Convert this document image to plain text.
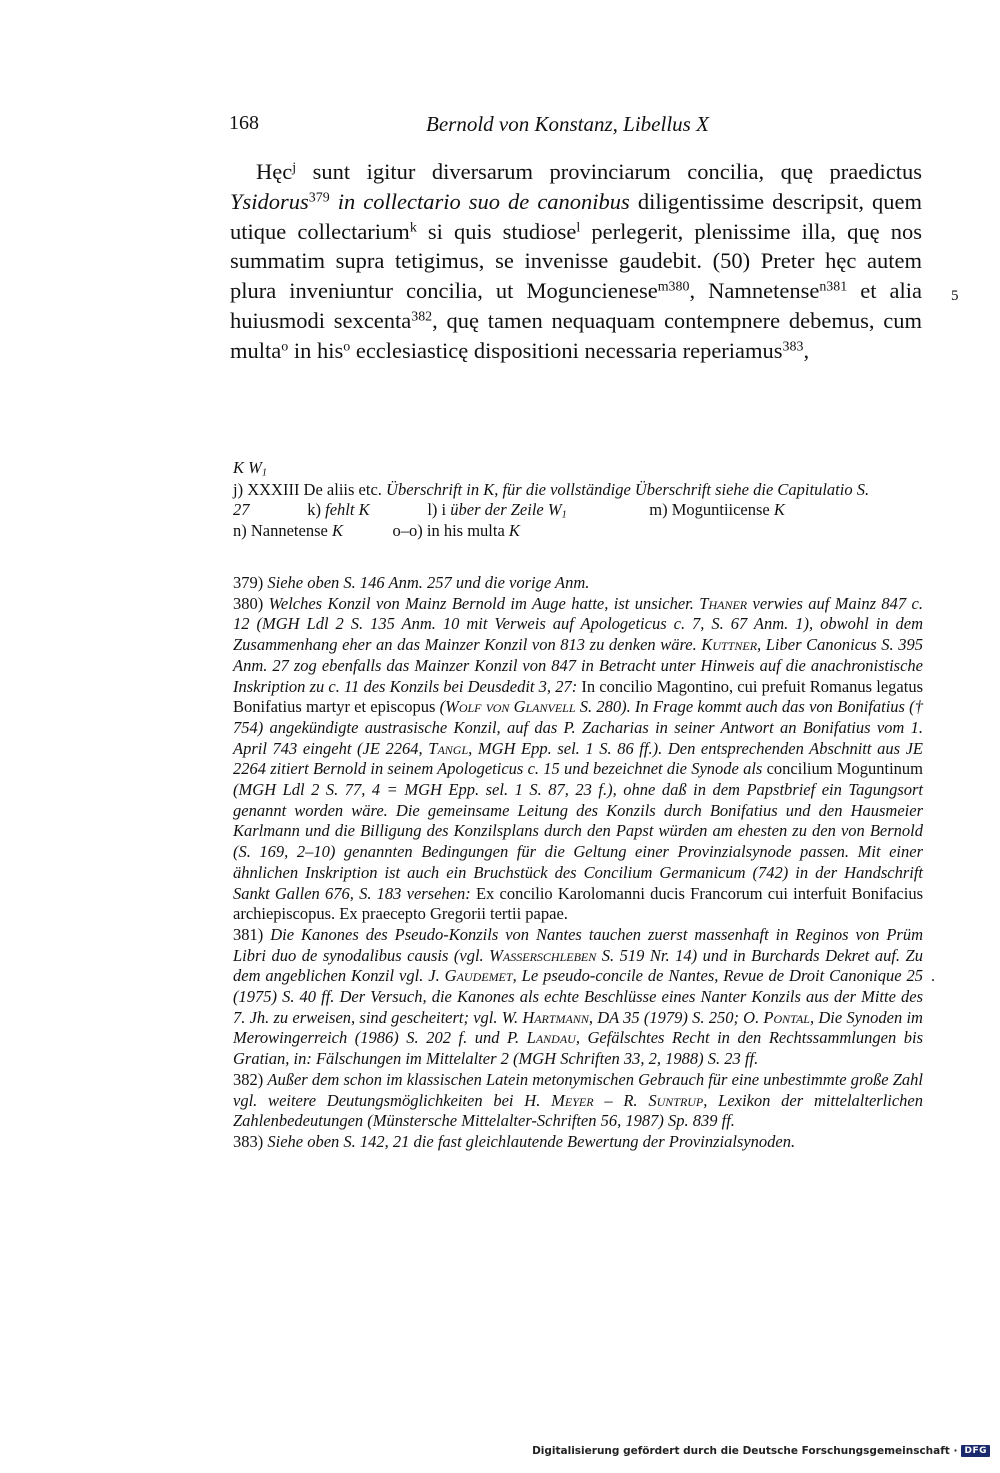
168	Bernold von Konstanz, Libellus X
Hęc$^j$ sunt igitur diversarum provinciarum concilia, quę praedictus Ysidorus$^{379}$ in collectario suo de canonibus diligentissime descripsit, quem utique collectarium$^k$ si quis studiose$^l$ perlegerit, plenissime illa, quę nos summatim supra tetigimus, se invenisse gaudebit. (50) Preter hęc autem plura inveniuntur concilia, ut Moguncienese$^{m380}$, Namnetense$^{n381}$ et alia huiusmodi sexcenta$^{382}$, quę tamen nequaquam contempnere debemus, cum multa$^o$ in his$^o$ ecclesiasticę dispositioni necessaria reperiamus$^{383}$,
5
K $W_1$
j) XXXIII De aliis etc. Überschrift in K, für die vollständige Überschrift siehe die Capitulatio S. 27    	k) fehlt K    	l) i über der Zeile $W_1$     	m) Moguntiicense K
n) Nannetense K   	o–o) in his multa K

379) Siehe oben S. 146 Anm. 257 und die vorige Anm.

380) Welches Konzil von Mainz Bernold im Auge hatte, ist unsicher. Thaner verwies auf Mainz 847 c. 12 (MGH Ldl 2 S. 135 Anm. 10 mit Verweis auf Apologeticus c. 7, S. 67 Anm. 1), obwohl in dem Zusammenhang eher an das Mainzer Konzil von 813 zu denken wäre. Kuttner, Liber Canonicus S. 395 Anm. 27 zog ebenfalls das Mainzer Konzil von 847 in Betracht unter Hinweis auf die anachronistische Inskription zu c. 11 des Konzils bei Deusdedit 3, 27: In concilio Magontino, cui prefuit Romanus legatus Bonifatius martyr et episcopus (Wolf von Glanvell S. 280). In Frage kommt auch das von Bonifatius († 754) angekündigte austrasische Konzil, auf das P. Zacharias in seiner Antwort an Bonifatius vom 1. April 743 eingeht (JE 2264, Tangl, MGH Epp. sel. 1 S. 86 ff.). Den entsprechenden Abschnitt aus JE 2264 zitiert Bernold in seinem Apologeticus c. 15 und bezeichnet die Synode als concilium Moguntinum (MGH Ldl 2 S. 77, 4 = MGH Epp. sel. 1 S. 87, 23 f.), ohne daß in dem Papstbrief ein Tagungsort genannt worden wäre. Die gemeinsame Leitung des Konzils durch Bonifatius und den Hausmeier Karlmann und die Billigung des Konzilsplans durch den Papst würden am ehesten zu den von Bernold (S. 169, 2–10) genannten Bedingungen für die Geltung einer Provinzialsynode passen. Mit einer ähnlichen Inskription ist auch ein Bruchstück des Concilium Germanicum (742) in der Handschrift Sankt Gallen 676, S. 183 versehen: Ex concilio Karolomanni ducis Francorum cui interfuit Bonifacius archiepiscopus. Ex praecepto Gregorii tertii papae.

381) Die Kanones des Pseudo-Konzils von Nantes tauchen zuerst massenhaft in Reginos von Prüm Libri duo de synodalibus causis (vgl. Wasserschleben S. 519 Nr. 14) und in Burchards Dekret auf. Zu dem angeblichen Konzil vgl. J. Gaudemet, Le pseudo-concile de Nantes, Revue de Droit Canonique 25 (1975) S. 40 ff. Der Versuch, die Kanones als echte Beschlüsse eines Nanter Konzils aus der Mitte des 7. Jh. zu erweisen, sind gescheitert; vgl. W. Hartmann, DA 35 (1979) S. 250; O. Pontal, Die Synoden im Merowingerreich (1986) S. 202 f. und P. Landau, Gefälschtes Recht in den Rechtssammlungen bis Gratian, in: Fälschungen im Mittelalter 2 (MGH Schriften 33, 2, 1988) S. 23 ff.

382) Außer dem schon im klassischen Latein metonymischen Gebrauch für eine unbestimmte große Zahl vgl. weitere Deutungsmöglichkeiten bei H. Meyer – R. Suntrup, Lexikon der mittelalterlichen Zahlenbedeutungen (Münstersche Mittelalter-Schriften 56, 1987) Sp. 839 ff.

383) Siehe oben S. 142, 21 die fast gleichlautende Bewertung der Provinzialsynoden.

.
Digitalisierung gefördert durch die Deutsche Forschungsgemeinschaft · DFG
